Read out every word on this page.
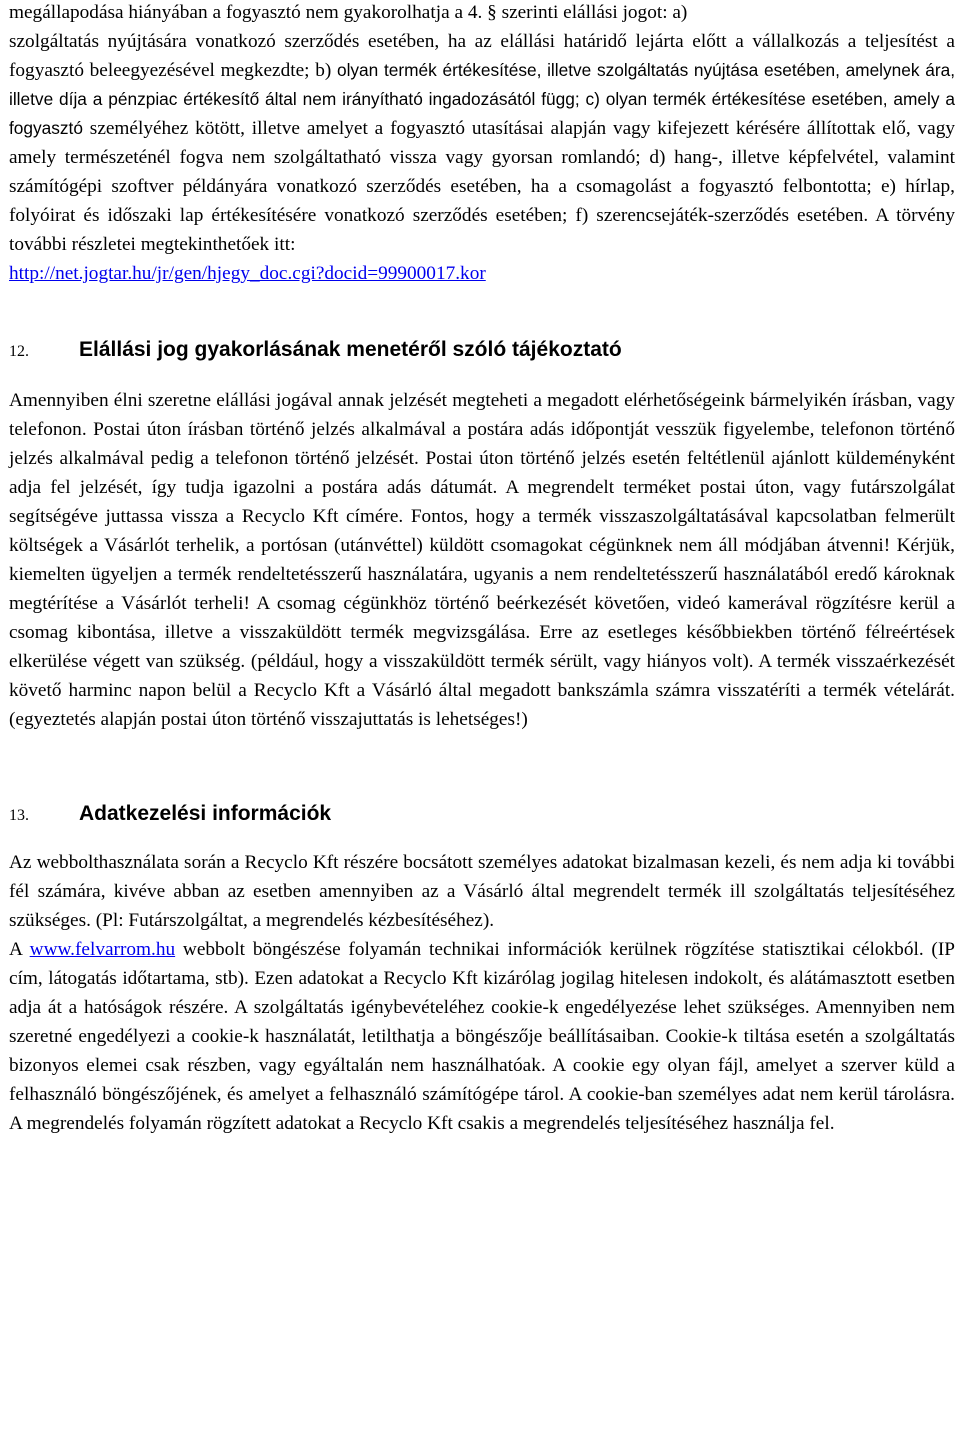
megállapodása hiányában a fogyasztó nem gyakorolhatja a 4. § szerinti elállási jogot: a)

szolgáltatás nyújtására vonatkozó szerződés esetében, ha az elállási határidő lejárta előtt a vállalkozás a teljesítést a fogyasztó beleegyezésével megkezdte; b) olyan termék értékesítése, illetve szolgáltatás nyújtása esetében, amelynek ára, illetve díja a pénzpiac értékesítő által nem irányítható ingadozásától függ; c) olyan termék értékesítése esetében, amely a fogyasztó személyéhez kötött, illetve amelyet a fogyasztó utasításai alapján vagy kifejezett kérésére állítottak elő, vagy amely természeténél fogva nem szolgáltatható vissza vagy gyorsan romlandó; d) hang-, illetve képfelvétel, valamint számítógépi szoftver példányára vonatkozó szerződés esetében, ha a csomagolást a fogyasztó felbontotta; e) hírlap, folyóirat és időszaki lap értékesítésére vonatkozó szerződés esetében; f) szerencsejáték-szerződés esetében. A törvény további részletei megtekinthetőek itt:

http://net.jogtar.hu/jr/gen/hjegy_doc.cgi?docid=99900017.kor

12.	Elállási jog gyakorlásának menetéről szóló tájékoztató

Amennyiben élni szeretne elállási jogával annak jelzését megteheti a megadott elérhetőségeink bármelyikén írásban, vagy telefonon. Postai úton írásban történő jelzés alkalmával a postára adás időpontját vesszük figyelembe, telefonon történő jelzés alkalmával pedig a telefonon történő jelzését. Postai úton történő jelzés esetén feltétlenül ajánlott küldeményként adja fel jelzését, így tudja igazolni a postára adás dátumát. A megrendelt terméket postai úton, vagy futárszolgálat segítségéve juttassa vissza a Recyclo Kft címére. Fontos, hogy a termék visszaszolgáltatásával kapcsolatban felmerült költségek a Vásárlót terhelik, a portósan (utánvéttel) küldött csomagokat cégünknek nem áll módjában átvenni! Kérjük, kiemelten ügyeljen a termék rendeltetésszerű használatára, ugyanis a nem rendeltetésszerű használatából eredő károknak megtérítése a Vásárlót terheli! A csomag cégünkhöz történő beérkezését követően, videó kamerával rögzítésre kerül a csomag kibontása, illetve a visszaküldött termék megvizsgálása. Erre az esetleges későbbiekben történő félreértések elkerülése végett van szükség. (például, hogy a visszaküldött termék sérült, vagy hiányos volt). A termék visszaérkezését követő harminc napon belül a Recyclo Kft a Vásárló által megadott bankszámla számra visszatéríti a termék vételárát. (egyeztetés alapján postai úton történő visszajuttatás is lehetséges!)

13.	Adatkezelési információk

Az webbolthasználata során a Recyclo Kft részére bocsátott személyes adatokat bizalmasan kezeli, és nem adja ki további fél számára, kivéve abban az esetben amennyiben az a Vásárló által megrendelt termék ill szolgáltatás teljesítéséhez szükséges. (Pl: Futárszolgáltat, a megrendelés kézbesítéséhez).

A www.felvarrom.hu webbolt böngészése folyamán technikai információk kerülnek rögzítése statisztikai célokból. (IP cím, látogatás időtartama, stb). Ezen adatokat a Recyclo Kft kizárólag jogilag hitelesen indokolt, és alátámasztott esetben adja át a hatóságok részére. A szolgáltatás igénybevételéhez cookie-k engedélyezése lehet szükséges. Amennyiben nem szeretné engedélyezi a cookie-k használatát, letilthatja a böngészője beállításaiban. Cookie-k tiltása esetén a szolgáltatás bizonyos elemei csak részben, vagy egyáltalán nem használhatóak. A cookie egy olyan fájl, amelyet a szerver küld a felhasználó böngészőjének, és amelyet a felhasználó számítógépe tárol. A cookie-ban személyes adat nem kerül tárolásra. A megrendelés folyamán rögzített adatokat a Recyclo Kft csakis a megrendelés teljesítéséhez használja fel.
